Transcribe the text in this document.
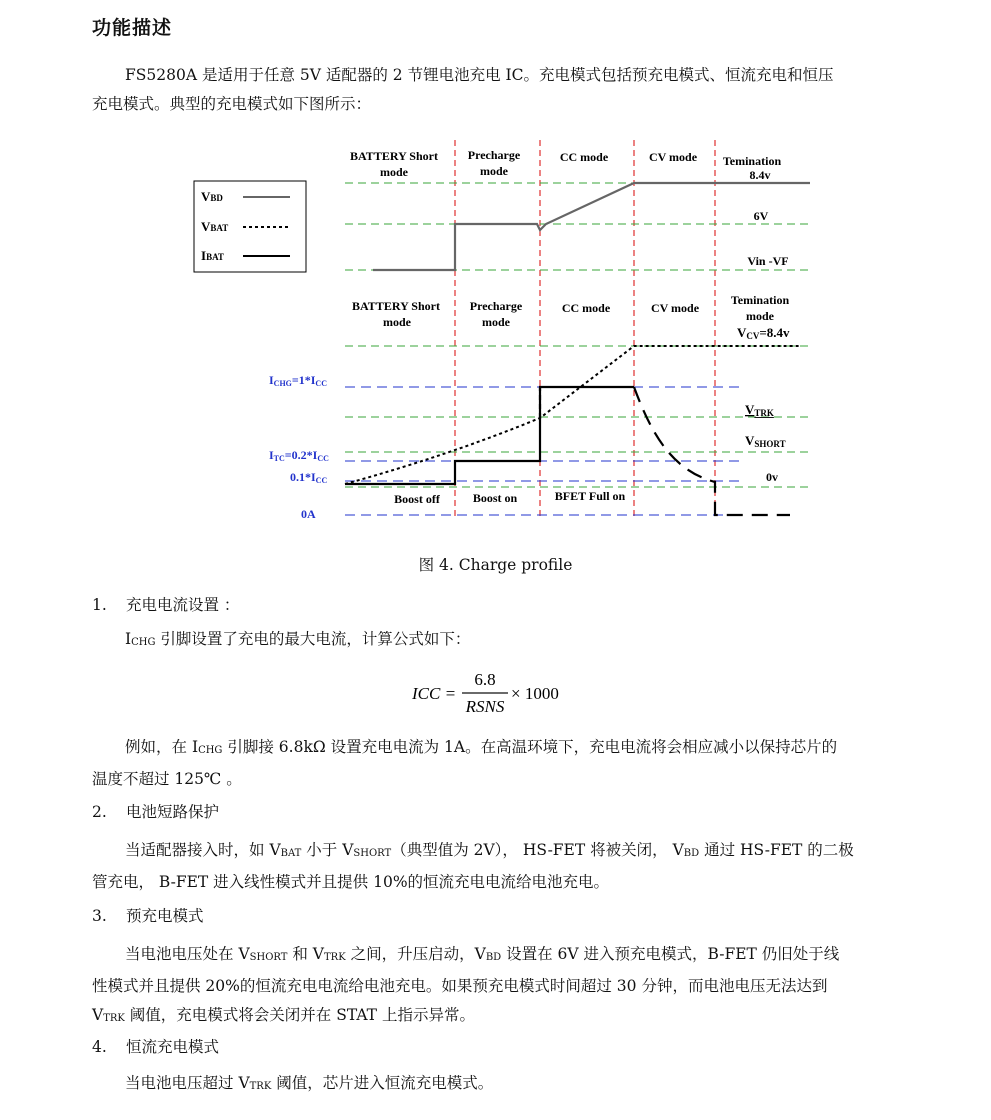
功能描述
FS5280A 是适用于任意 5V 适配器的 2 节锂电池充电 IC。充电模式包括预充电模式、恒流充电和恒压
充电模式。典型的充电模式如下图所示：
VBD
VBAT
IBAT
BATTERY Short
mode
Precharge
mode
CC mode	CV mode Temination
8.4v
6V
Vin -VF
BATTERY Short
mode
Precharge
mode
CC mode	CV mode
Temination
mode
VCV=8.4v
ICHG=1*ICC
ITC=0.2*ICC
0.1*ICC
0A
VTRK
VSHORT
0v
Boost off	Boost on	BFET Full on
图 4. Charge profile
1. 充电电流设置 ：
$I_{CHG}$ 引脚设置了充电的最大电流，计算公式如下：
ICC =
6.8
RSNS
× 1000
例如，在 $I_{CHG}$ 引脚接 6.8kΩ 设置充电电流为 1A。在高温环境下，充电电流将会相应减小以保持芯片的
温度不超过 125℃ 。
2. 电池短路保护
当适配器接入时，如 $V_{BAT}$ 小于 $V_{SHORT}$（典型值为 2V）， HS-FET 将被关闭， $V_{BD}$ 通过 HS-FET 的二极
管充电， B-FET 进入线性模式并且提供 10%的恒流充电电流给电池充电。
3. 预充电模式
当电池电压处在 $V_{SHORT}$ 和 $V_{TRK}$ 之间，升压启动，$V_{BD}$ 设置在 6V 进入预充电模式，B-FET 仍旧处于线
性模式并且提供 20%的恒流充电电流给电池充电。如果预充电模式时间超过 30 分钟，而电池电压无法达到
$V_{TRK}$ 阈值，充电模式将会关闭并在 STAT 上指示异常。
4. 恒流充电模式
当电池电压超过 $V_{TRK}$ 阈值，芯片进入恒流充电模式。
